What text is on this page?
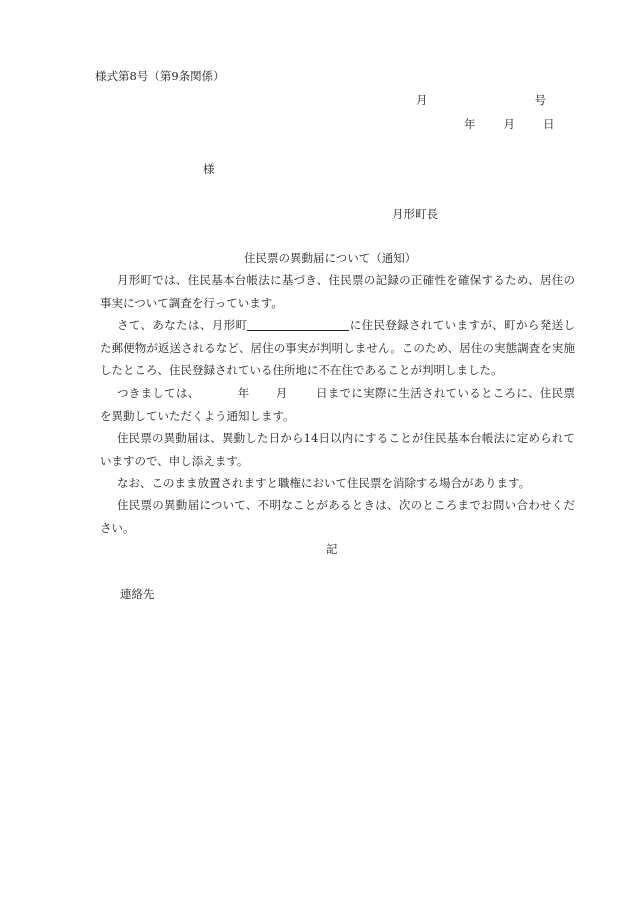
様式第8号（第9条関係）
月	号
年 月 日
様
月形町長
住民票の異動届について（通知）
月形町では、住民基本台帳法に基づき、住民票の記録の正確性を確保するため、居住の事実について調査を行っています。
さて、あなたは、月形町	に住民登録されていますが、町から発送した郵便物が返送されるなど、居住の事実が判明しません。このため、居住の実態調査を実施したところ、住民登録されている住所地に不在住であることが判明しました。
つきましては、	年 月 日までに実際に生活されているところに、住民票を異動していただくよう通知します。
住民票の異動届は、異動した日から14日以内にすることが住民基本台帳法に定められていますので、申し添えます。
なお、このまま放置されますと職権において住民票を消除する場合があります。
住民票の異動届について、不明なことがあるときは、次のところまでお問い合わせください。
記
連絡先
